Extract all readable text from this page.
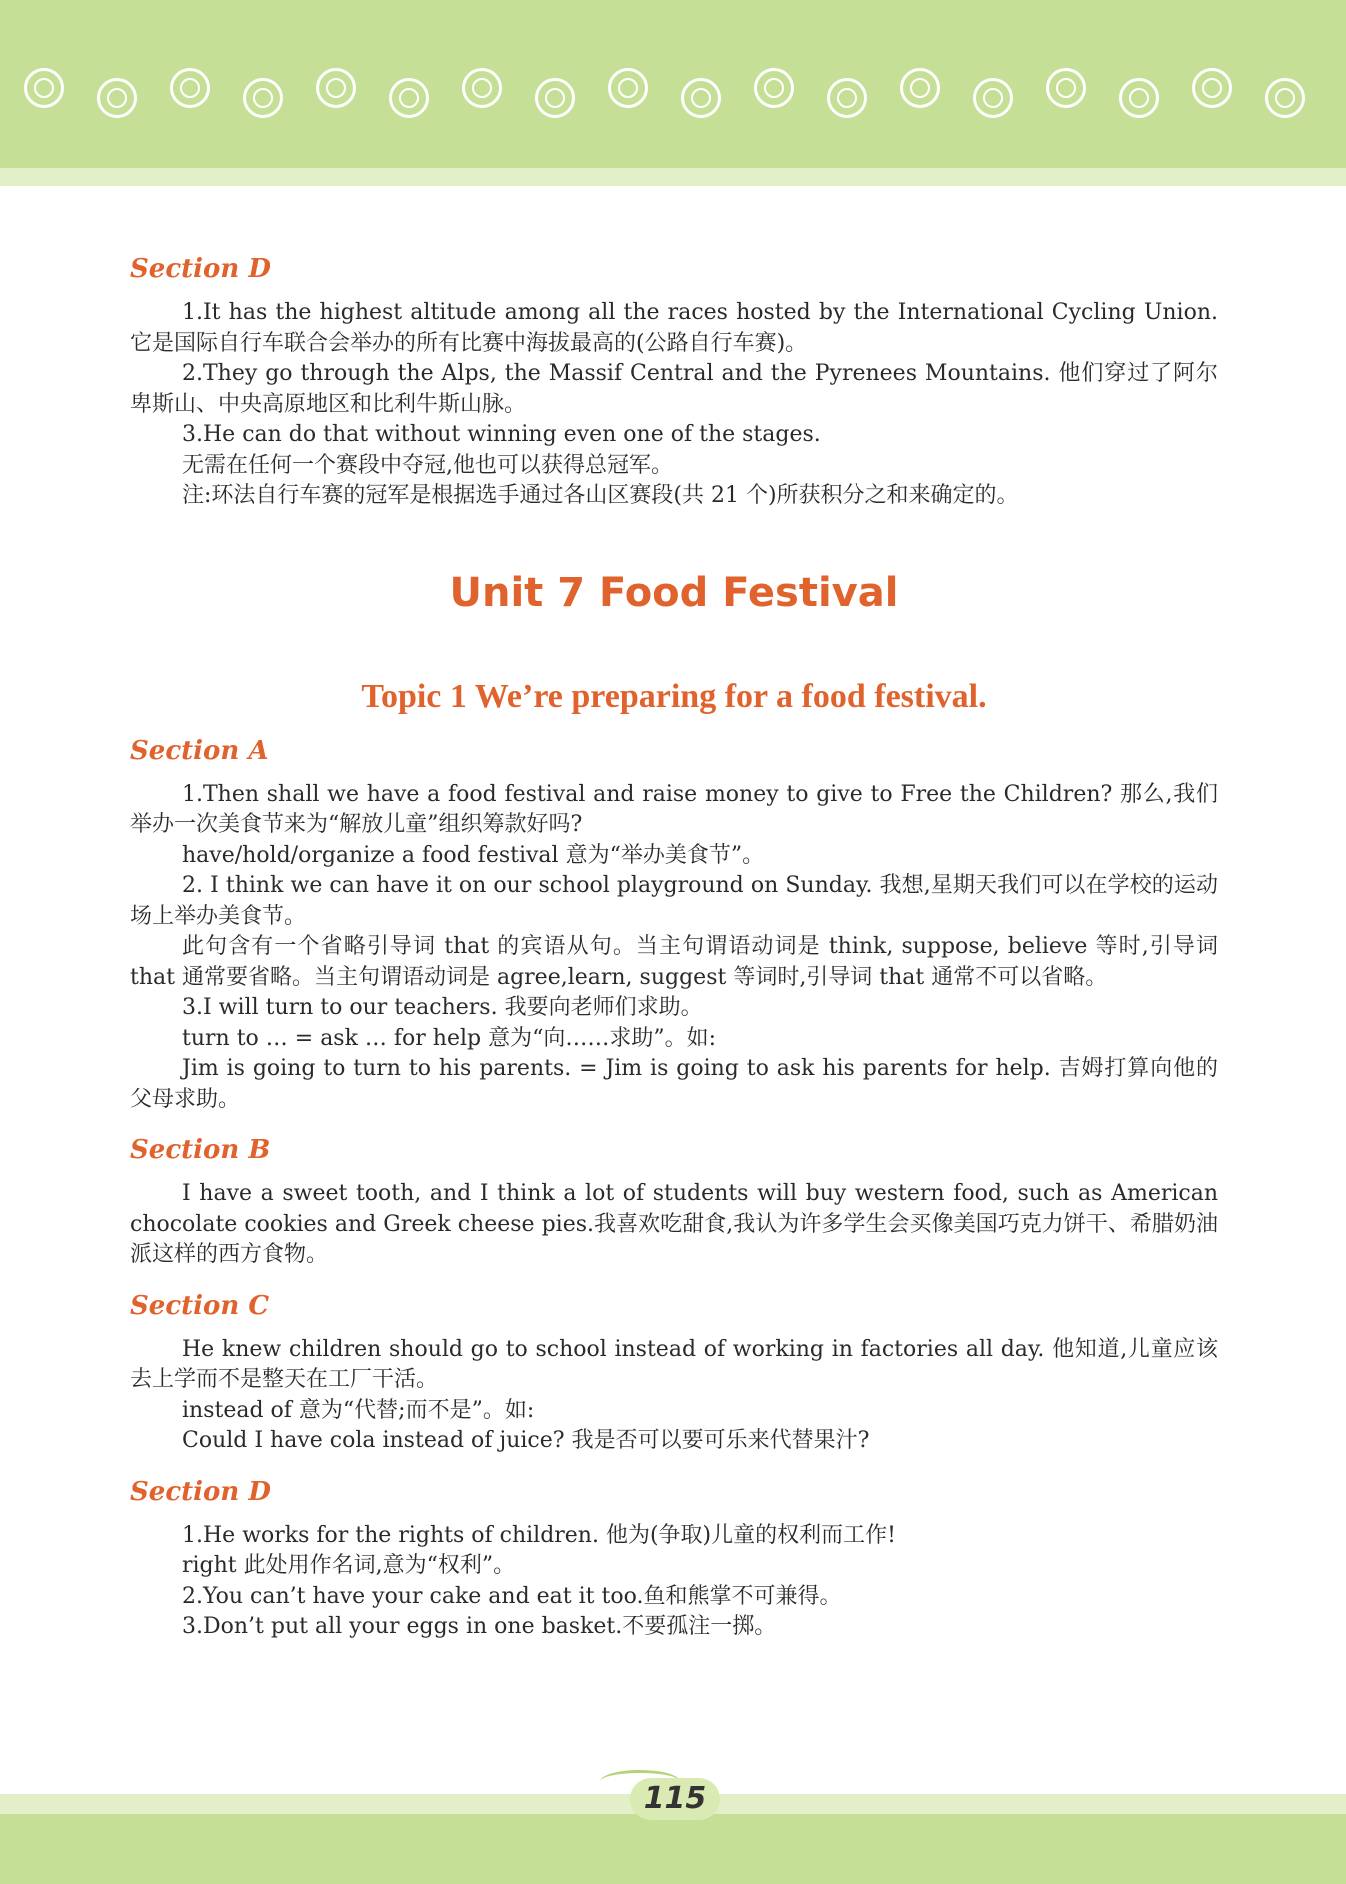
Section D

1.It has the highest altitude among all the races hosted by the International Cycling Union. 它是国际自行车联合会举办的所有比赛中海拔最高的(公路自行车赛)。

2.They go through the Alps, the Massif Central and the Pyrenees Mountains. 他们穿过了阿尔卑斯山、中央高原地区和比利牛斯山脉。

3.He can do that without winning even one of the stages.

无需在任何一个赛段中夺冠,他也可以获得总冠军。

注:环法自行车赛的冠军是根据选手通过各山区赛段(共 21 个)所获积分之和来确定的。

Unit 7 Food Festival
Topic 1 We’re preparing for a food festival.
Section A

1.Then shall we have a food festival and raise money to give to Free the Children? 那么,我们举办一次美食节来为“解放儿童”组织筹款好吗?

have/hold/organize a food festival 意为“举办美食节”。

2. I think we can have it on our school playground on Sunday. 我想,星期天我们可以在学校的运动场上举办美食节。

此句含有一个省略引导词 that 的宾语从句。当主句谓语动词是 think, suppose, believe 等时,引导词 that 通常要省略。当主句谓语动词是 agree,learn, suggest 等词时,引导词 that 通常不可以省略。

3.I will turn to our teachers. 我要向老师们求助。

turn to … = ask … for help 意为“向……求助”。如:

Jim is going to turn to his parents. = Jim is going to ask his parents for help. 吉姆打算向他的父母求助。

Section B

I have a sweet tooth, and I think a lot of students will buy western food, such as American chocolate cookies and Greek cheese pies.我喜欢吃甜食,我认为许多学生会买像美国巧克力饼干、希腊奶油派这样的西方食物。

Section C

He knew children should go to school instead of working in factories all day. 他知道,儿童应该去上学而不是整天在工厂干活。

instead of 意为“代替;而不是”。如:

Could I have cola instead of juice? 我是否可以要可乐来代替果汁?

Section D

1.He works for the rights of children. 他为(争取)儿童的权利而工作!

right 此处用作名词,意为“权利”。

2.You can’t have your cake and eat it too.鱼和熊掌不可兼得。

3.Don’t put all your eggs in one basket.不要孤注一掷。

115
